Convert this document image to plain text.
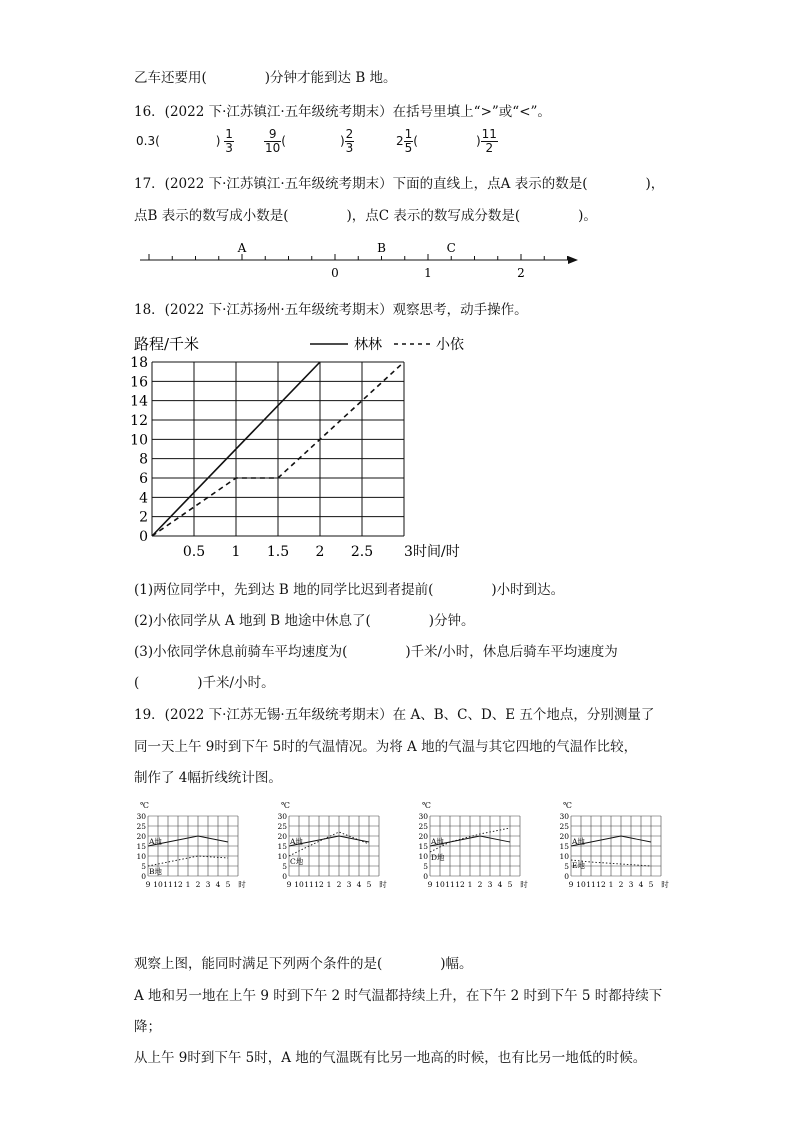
乙车还要用(	)分钟才能到达 B 地。
16．(2022 下·江苏镇江·五年级统考期末）在括号里填上“>”或“<”。
0.3(	) $\frac{1}{3}$	$\frac{9}{10}$ (	) $\frac{2}{3}$	$2 \frac{1}{5}$ (	) $\frac{11}{2}$
17．(2022 下·江苏镇江·五年级统考期末）下面的直线上，点A 表示的数是(	)，
点B 表示的数写成小数是(	)，点C 表示的数写成分数是(	)。
0	1	2
A	B	C
18．(2022 下·江苏扬州·五年级统考期末）观察思考，动手操作。
0
2
4
6
8
10
12
14
16
18
0.5 1 1.5 2 2.5 3 时间/时
路程/千米	林林	小依
(1)两位同学中，先到达 B 地的同学比迟到者提前(	)小时到达。
(2)小依同学从 A 地到 B 地途中休息了(	)分钟。
(3)小依同学休息前骑车平均速度为(	)千米/小时，休息后骑车平均速度为
(	)千米/小时。
19．(2022 下·江苏无锡·五年级统考期末）在 A、B、C、D、E 五个地点，分别测量了
同一天上午 9时到下午 5时的气温情况。为将 A 地的气温与其它四地的气温作比较，
制作了 4幅折线统计图。
℃
0
5
10
15
20
25
30
9 10 11 12 1 2 3 4 5 时
A地
B地
℃
0
5
10
15
20
25
30
9 10 11 12 1 2 3 4 5 时
A地
C地
℃
0
5
10
15
20
25
30
9 10 11 12 1 2 3 4 5 时
A地
D地
℃
0
5
10
15
20
25
30
9 10 11 12 1 2 3 4 5 时
A地
E地
观察上图，能同时满足下列两个条件的是(	)幅。
A 地和另一地在上午 9 时到下午 2 时气温都持续上升，在下午 2 时到下午 5 时都持续下
降；
从上午 9时到下午 5时，A 地的气温既有比另一地高的时候，也有比另一地低的时候。
